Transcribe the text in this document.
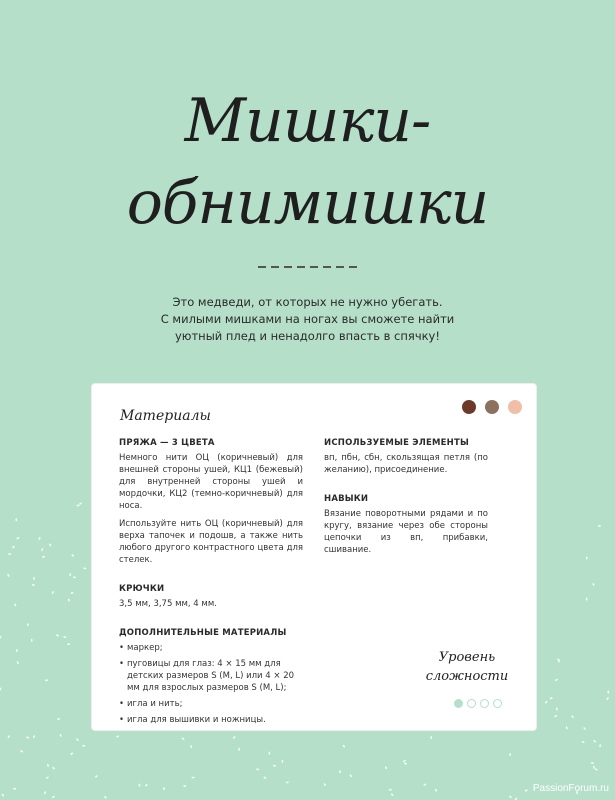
Мишки-
обнимишки
Это медведи, от которых не нужно убегать.
С милыми мишками на ногах вы сможете найти
уютный плед и ненадолго впасть в спячку!
Материалы
ПРЯЖА — 3 ЦВЕТА

Немного нити ОЦ (коричневый) для внешней стороны ушей, КЦ1 (бежевый) для внутренней стороны ушей и мордочки, КЦ2 (темно-коричневый) для носа.

Используйте нить ОЦ (коричневый) для верха тапочек и подошв, а также нить любого другого контрастного цвета для стелек.

КРЮЧКИ

3,5 мм, 3,75 мм, 4 мм.

ДОПОЛНИТЕЛЬНЫЕ МАТЕРИАЛЫ
• маркер;
• пуговицы для глаз: 4 × 15 мм для детских размеров S (M, L) или 4 × 20 мм для взрослых размеров S (M, L);
• игла и нить;
• игла для вышивки и ножницы.
ИСПОЛЬЗУЕМЫЕ ЭЛЕМЕНТЫ

вп, пбн, сбн, скользящая петля (по желанию), присоединение.

НАВЫКИ

Вязание поворотными рядами и по кругу, вязание через обе стороны цепочки из вп, прибавки, сшивание.

Уровень
сложности
PassionForum.ru
